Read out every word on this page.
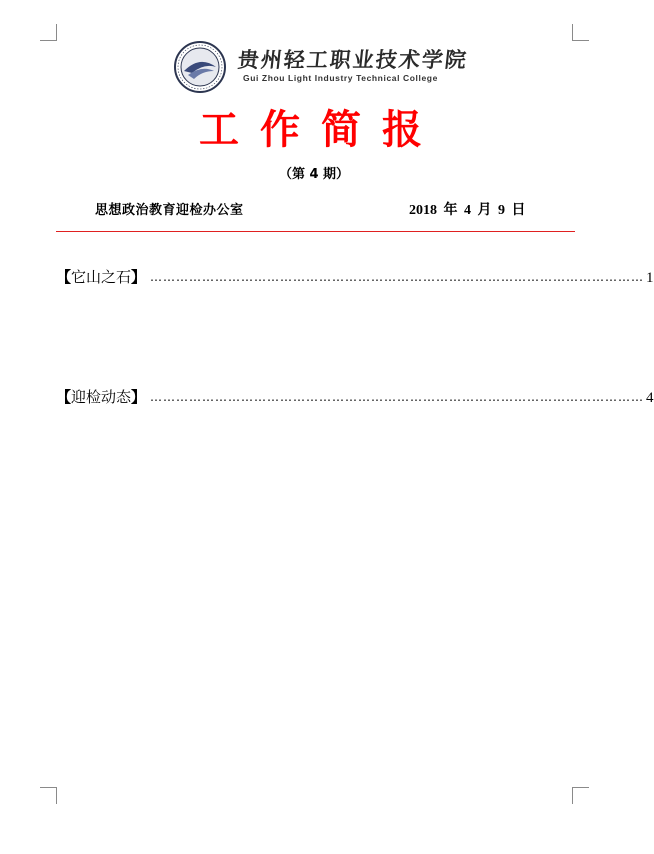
贵州轻工职业技术学院
Gui Zhou Light Industry Technical College
工作简报
（第 4 期）
思想政治教育迎检办公室	2018 年 4 月 9 日
【它山之石】 …………………………………………………………………………………………………… 1
【迎检动态】 …………………………………………………………………………………………………… 4
